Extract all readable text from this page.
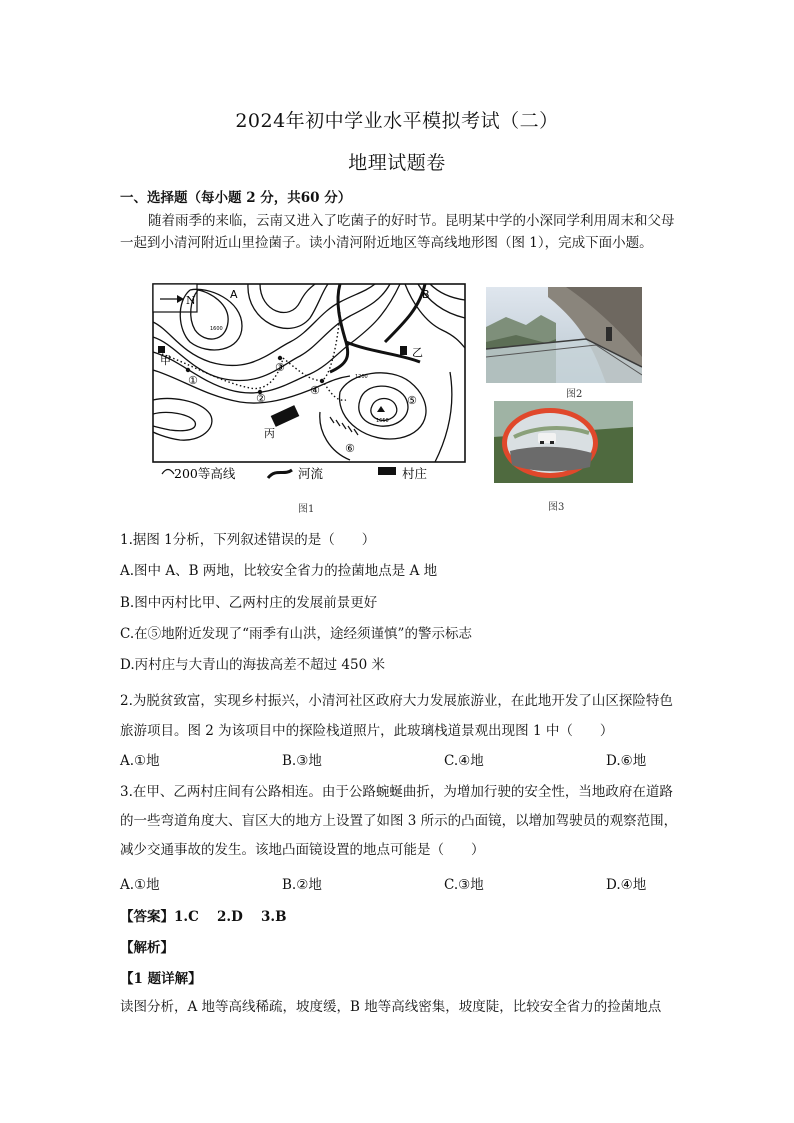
2024年初中学业水平模拟考试（二）
地理试题卷
一、选择题（每小题 2 分，共60 分）
随着雨季的来临，云南又进入了吃菌子的好时节。昆明某中学的小深同学利用周末和父母一起到小清河附近山里捡菌子。读小清河附近地区等高线地形图（图 1），完成下面小题。
N	A	B
甲
乙
丙
①
②
③
④
⑤
⑥
1600
1200
1650
200等高线	河流	村庄
图1
图2
图3
1.据图 1分析，下列叙述错误的是（　　）
A.图中 A、B 两地，比较安全省力的捡菌地点是 A 地
B.图中丙村比甲、乙两村庄的发展前景更好
C.在⑤地附近发现了“雨季有山洪，途经须谨慎”的警示标志
D.丙村庄与大青山的海拔高差不超过 450 米
2.为脱贫致富，实现乡村振兴，小清河社区政府大力发展旅游业，在此地开发了山区探险特色旅游项目。图 2 为该项目中的探险栈道照片，此玻璃栈道景观出现图 1 中（　　）
A.①地	B.③地	C.④地	D.⑥地
3.在甲、乙两村庄间有公路相连。由于公路蜿蜒曲折，为增加行驶的安全性，当地政府在道路的一些弯道角度大、盲区大的地方上设置了如图 3 所示的凸面镜，以增加驾驶员的观察范围，减少交通事故的发生。该地凸面镜设置的地点可能是（　　）
A.①地	B.②地	C.③地	D.④地
【答案】1.C　 2.D　 3.B
【解析】
【1 题详解】
读图分析，A 地等高线稀疏，坡度缓，B 地等高线密集，坡度陡，比较安全省力的捡菌地点
